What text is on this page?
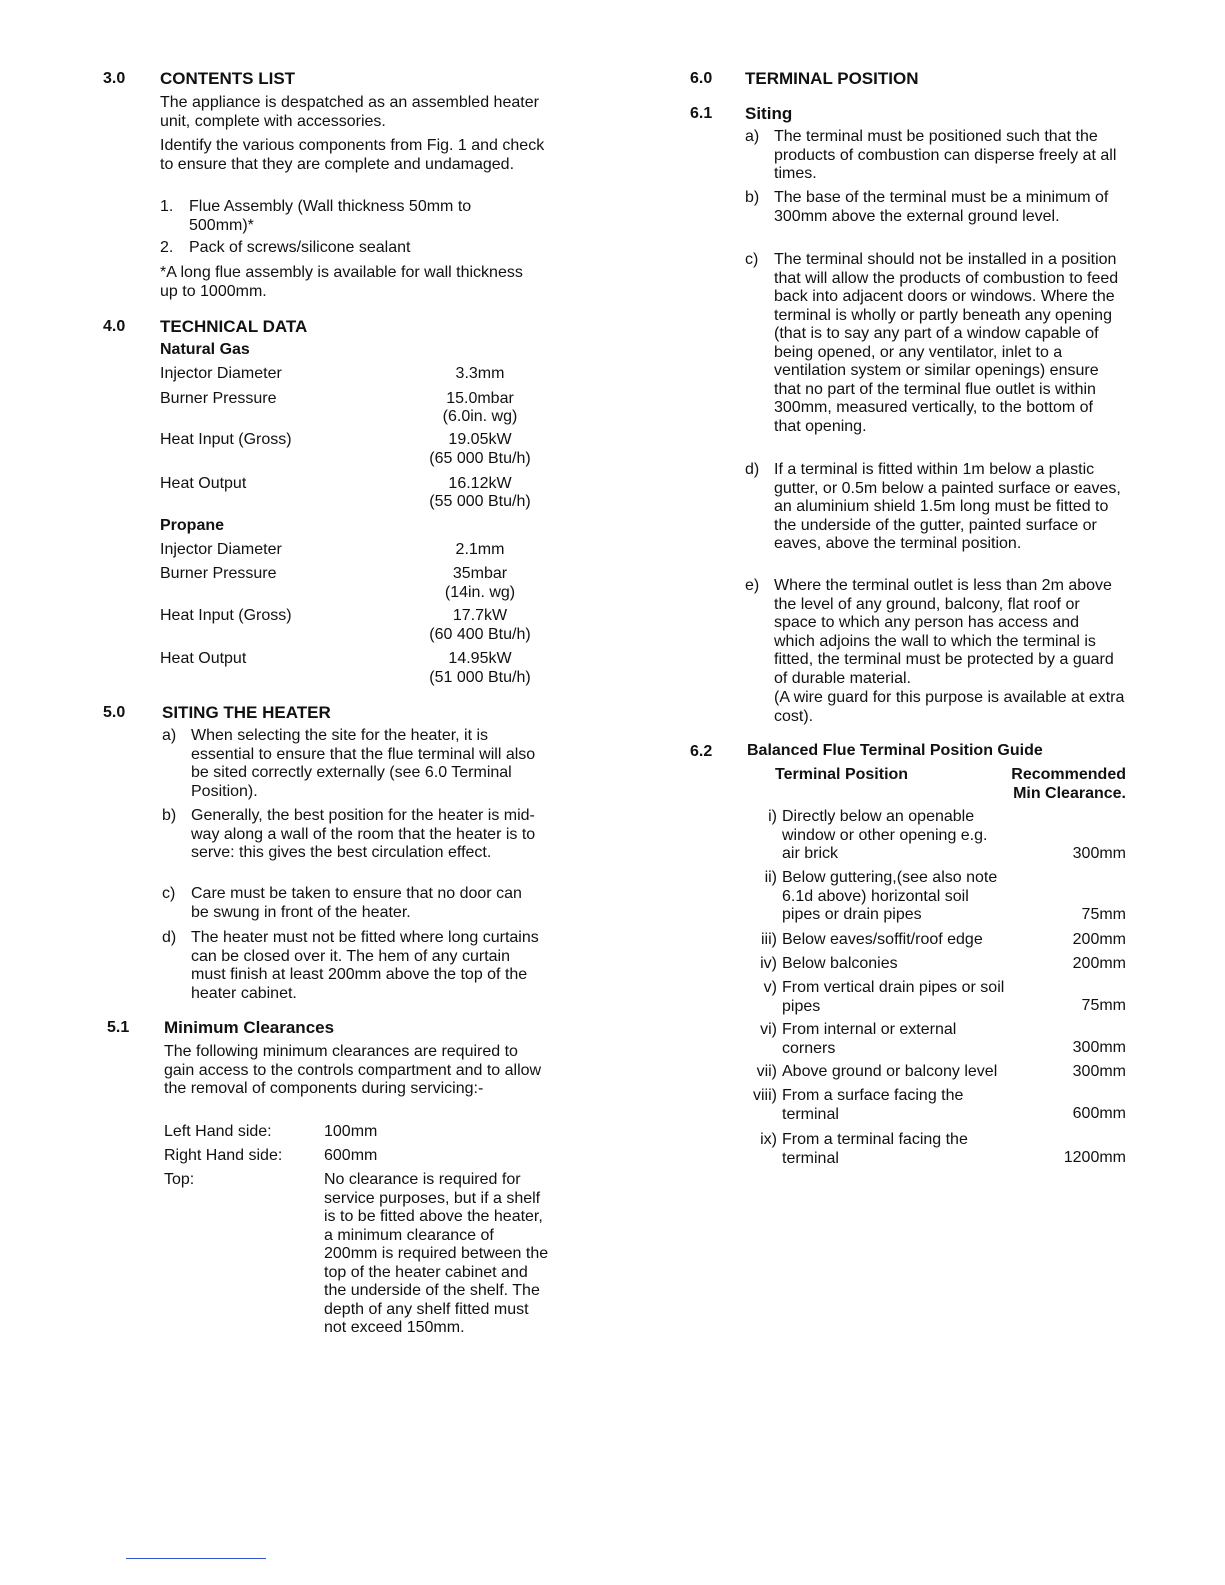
3.0 CONTENTS LIST

The appliance is despatched as an assembled heater unit, complete with accessories.

Identify the various components from Fig. 1 and check to ensure that they are complete and undamaged.

1. Flue Assembly (Wall thickness 50mm to 500mm)*
2. Pack of screws/silicone sealant

*A long flue assembly is available for wall thickness up to 1000mm.

4.0 TECHNICAL DATA
Natural Gas
Injector Diameter	3.3mm
Burner Pressure	15.0mbar
(6.0in. wg)
Heat Input (Gross)	19.05kW
(65 000 Btu/h)
Heat Output	16.12kW
(55 000 Btu/h)
Propane
Injector Diameter	2.1mm
Burner Pressure	35mbar
(14in. wg)
Heat Input (Gross)	17.7kW
(60 400 Btu/h)
Heat Output	14.95kW
(51 000 Btu/h)
5.0 SITING THE HEATER
a) When selecting the site for the heater, it is essential to ensure that the flue terminal will also be sited correctly externally (see 6.0 Terminal Position).
b) Generally, the best position for the heater is mid-way along a wall of the room that the heater is to serve: this gives the best circulation effect.
c) Care must be taken to ensure that no door can be swung in front of the heater.
d) The heater must not be fitted where long curtains can be closed over it. The hem of any curtain must finish at least 200mm above the top of the heater cabinet.
5.1 Minimum Clearances

The following minimum clearances are required to gain access to the controls compartment and to allow the removal of components during servicing:-

Left Hand side:	100mm
Right Hand side:	600mm
Top:	No clearance is required for service purposes, but if a shelf is to be fitted above the heater, a minimum clearance of 200mm is required between the top of the heater cabinet and the underside of the shelf. The depth of any shelf fitted must not exceed 150mm.
6.0 TERMINAL POSITION
6.1 Siting
a) The terminal must be positioned such that the products of combustion can disperse freely at all times.
b) The base of the terminal must be a minimum of 300mm above the external ground level.
c) The terminal should not be installed in a position that will allow the products of combustion to feed back into adjacent doors or windows. Where the terminal is wholly or partly beneath any opening (that is to say any part of a window capable of being opened, or any ventilator, inlet to a ventilation system or similar openings) ensure that no part of the terminal flue outlet is within 300mm, measured vertically, to the bottom of that opening.
d) If a terminal is fitted within 1m below a plastic gutter, or 0.5m below a painted surface or eaves, an aluminium shield 1.5m long must be fitted to the underside of the gutter, painted surface or eaves, above the terminal position.
e) Where the terminal outlet is less than 2m above the level of any ground, balcony, flat roof or space to which any person has access and which adjoins the wall to which the terminal is fitted, the terminal must be protected by a guard of durable material.
(A wire guard for this purpose is available at extra cost).
6.2 Balanced Flue Terminal Position Guide
Terminal Position	Recommended
Min Clearance.
i) Directly below an openable window or other opening e.g. air brick	300mm
ii) Below guttering,(see also note 6.1d above) horizontal soil pipes or drain pipes	75mm
iii) Below eaves/soffit/roof edge	200mm
iv) Below balconies	200mm
v) From vertical drain pipes or soil pipes	75mm
vi) From internal or external corners	300mm
vii) Above ground or balcony level	300mm
viii) From a surface facing the terminal	600mm
ix) From a terminal facing the terminal	1200mm
